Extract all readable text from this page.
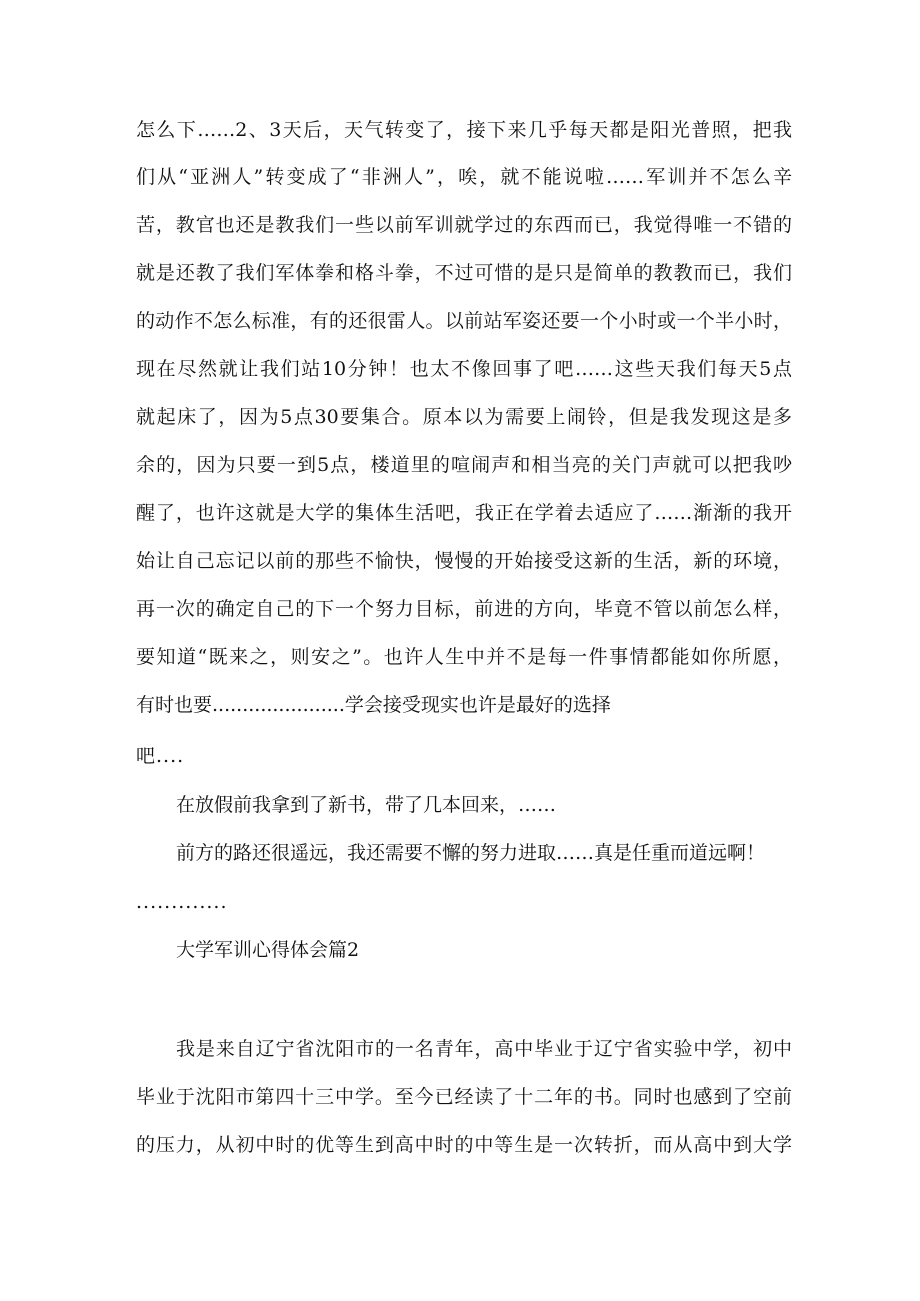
怎么下……2、3天后，天气转变了，接下来几乎每天都是阳光普照，把我
们从“亚洲人”转变成了“非洲人”，唉，就不能说啦……军训并不怎么辛
苦，教官也还是教我们一些以前军训就学过的东西而已，我觉得唯一不错的
就是还教了我们军体拳和格斗拳，不过可惜的是只是简单的教教而已，我们
的动作不怎么标准，有的还很雷人。以前站军姿还要一个小时或一个半小时，
现在尽然就让我们站10分钟！也太不像回事了吧……这些天我们每天5点
就起床了，因为5点30要集合。原本以为需要上闹铃，但是我发现这是多
余的，因为只要一到5点，楼道里的喧闹声和相当亮的关门声就可以把我吵
醒了，也许这就是大学的集体生活吧，我正在学着去适应了……渐渐的我开
始让自己忘记以前的那些不愉快，慢慢的开始接受这新的生活，新的环境，
再一次的确定自己的下一个努力目标，前进的方向，毕竟不管以前怎么样，
要知道“既来之，则安之”。也许人生中并不是每一件事情都能如你所愿，
有时也要......................学会接受现实也许是最好的选择
吧....
在放假前我拿到了新书，带了几本回来，……
前方的路还很遥远，我还需要不懈的努力进取……真是任重而道远啊！
.............
大学军训心得体会篇2
我是来自辽宁省沈阳市的一名青年，高中毕业于辽宁省实验中学，初中
毕业于沈阳市第四十三中学。至今已经读了十二年的书。同时也感到了空前
的压力，从初中时的优等生到高中时的中等生是一次转折，而从高中到大学
